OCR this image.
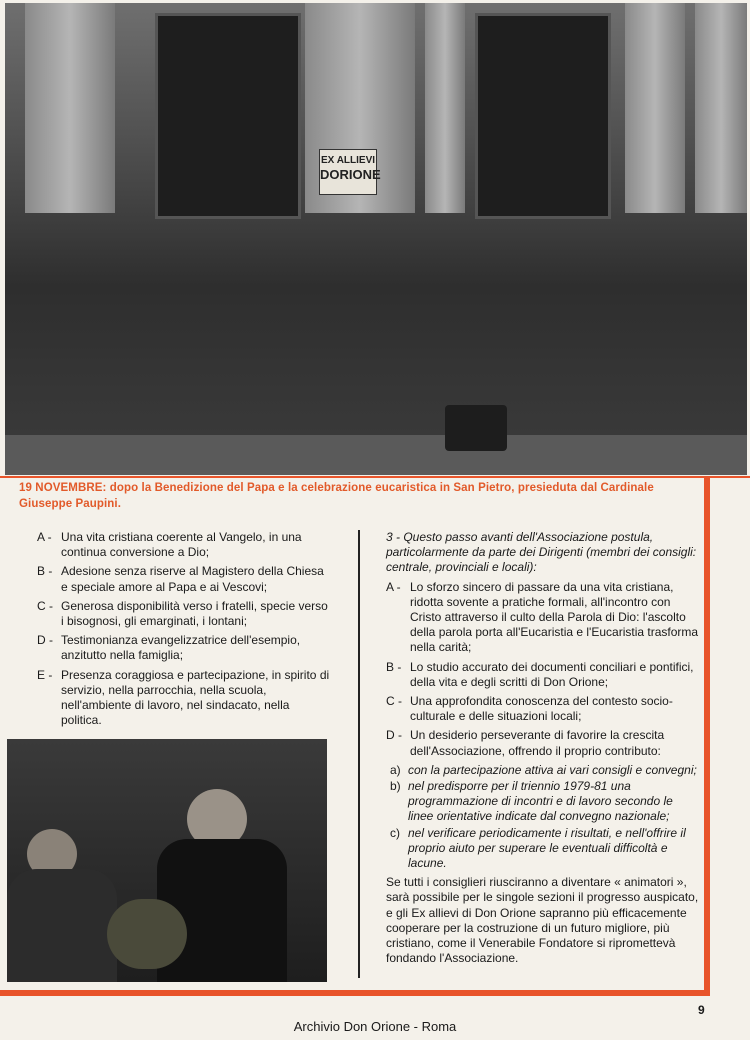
EX ALLIEVI
DORIONE
19 NOVEMBRE: dopo la Benedizione del Papa e la celebrazione eucaristica in San Pietro, presieduta dal Cardinale Giuseppe Paupini.
A - Una vita cristiana coerente al Vangelo, in una continua conversione a Dio;
B - Adesione senza riserve al Magistero della Chiesa e speciale amore al Papa e ai Vescovi;
C - Generosa disponibilità verso i fratelli, specie verso i bisognosi, gli emarginati, i lontani;
D - Testimonianza evangelizzatrice dell'esempio, anzitutto nella famiglia;
E - Presenza coraggiosa e partecipazione, in spirito di servizio, nella parrocchia, nella scuola, nell'ambiente di lavoro, nel sindacato, nella politica.
3 - Questo passo avanti dell'Associazione postula, particolarmente da parte dei Dirigenti (membri dei consigli: centrale, provinciali e locali):
A - Lo sforzo sincero di passare da una vita cristiana, ridotta sovente a pratiche formali, all'incontro con Cristo attraverso il culto della Parola di Dio: l'ascolto della parola porta all'Eucaristia e l'Eucaristia trasforma nella carità;
B - Lo studio accurato dei documenti conciliari e pontifici, della vita e degli scritti di Don Orione;
C - Una approfondita conoscenza del contesto socio-culturale e delle situazioni locali;
D - Un desiderio perseverante di favorire la crescita dell'Associazione, offrendo il proprio contributo:
a) con la partecipazione attiva ai vari consigli e convegni;
b) nel predisporre per il triennio 1979-81 una programmazione di incontri e di lavoro secondo le linee orientative indicate dal convegno nazionale;
c) nel verificare periodicamente i risultati, e nell'offrire il proprio aiuto per superare le eventuali difficoltà e lacune.
Se tutti i consiglieri riusciranno a diventare « animatori », sarà possibile per le singole sezioni il progresso auspicato, e gli Ex allievi di Don Orione sapranno più efficacemente cooperare per la costruzione di un futuro migliore, più cristiano, come il Venerabile Fondatore si ripromettevà fondando l'Associazione.
9
Archivio Don Orione - Roma
